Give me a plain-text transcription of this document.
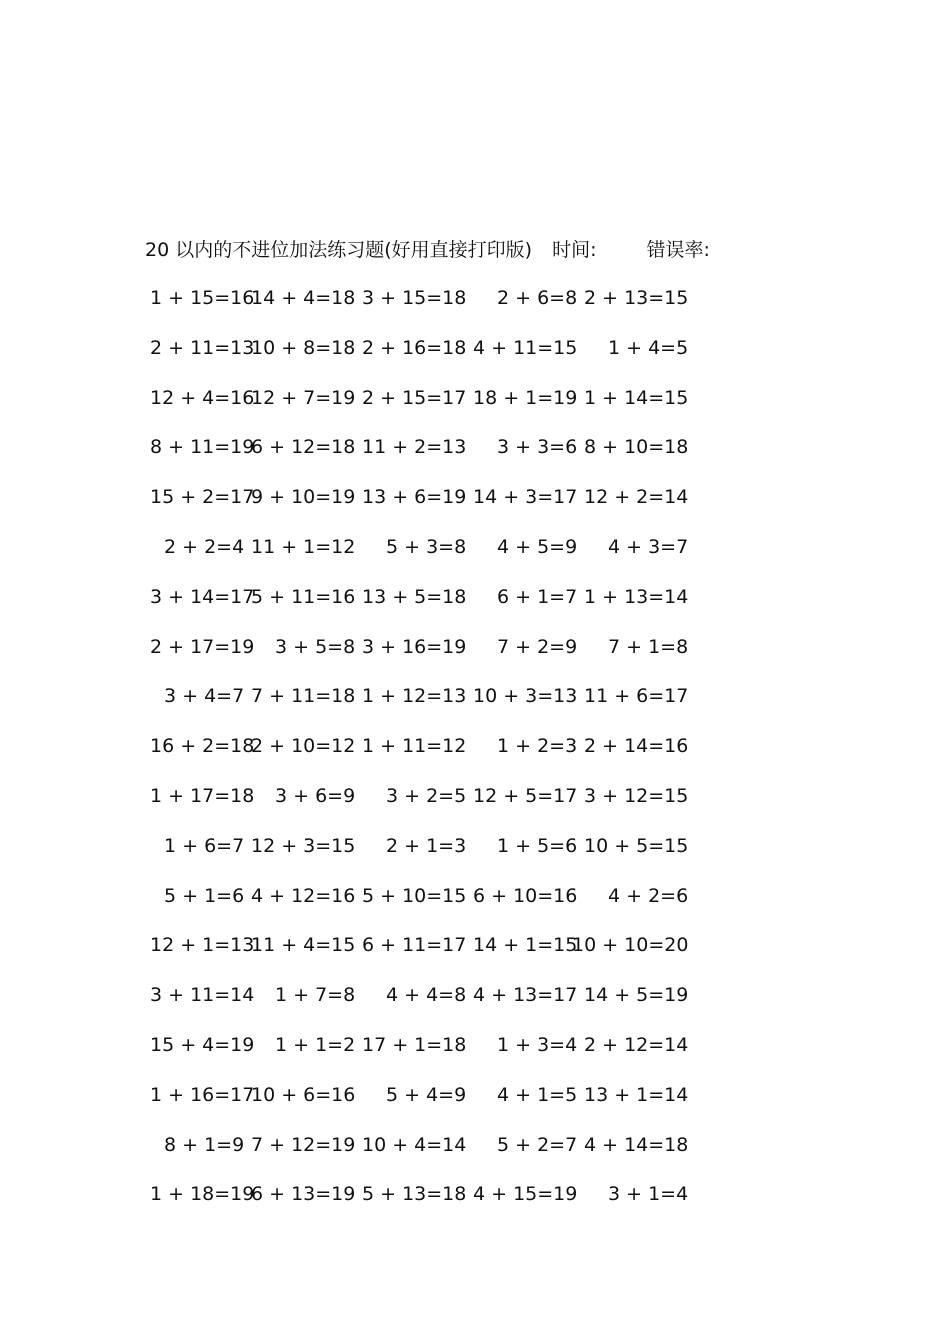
20 以内的不进位加法练习题(好用直接打印版) 时间:	错误率:
1 + 15=16
14 + 4=18 3 + 15=18 2 + 6=8 2 + 13=15
2 + 11=13
10 + 8=18 2 + 16=18 4 + 11=15 1 + 4=5
12 + 4=16
12 + 7=19 2 + 15=17 18 + 1=19 1 + 14=15
8 + 11=19
6 + 12=18 11 + 2=13 3 + 3=6 8 + 10=18
15 + 2=17
9 + 10=19 13 + 6=19 14 + 3=17 12 + 2=14
2 + 2=4 11 + 1=12 5 + 3=8 4 + 5=9 4 + 3=7
3 + 14=17
5 + 11=16 13 + 5=18 6 + 1=7 1 + 13=14
2 + 17=19 3 + 5=8 3 + 16=19 7 + 2=9 7 + 1=8
3 + 4=7 7 + 11=18 1 + 12=13 10 + 3=13 11 + 6=17
16 + 2=18
2 + 10=12 1 + 11=12 1 + 2=3 2 + 14=16
1 + 17=18 3 + 6=9 3 + 2=5 12 + 5=17 3 + 12=15
1 + 6=7 12 + 3=15 2 + 1=3 1 + 5=6 10 + 5=15
5 + 1=6 4 + 12=16 5 + 10=15 6 + 10=16 4 + 2=6
12 + 1=13
11 + 4=15 6 + 11=17 14 + 1=15
10 + 10=20
3 + 11=14 1 + 7=8 4 + 4=8 4 + 13=17 14 + 5=19
15 + 4=19 1 + 1=2 17 + 1=18 1 + 3=4 2 + 12=14
1 + 16=17
10 + 6=16 5 + 4=9 4 + 1=5 13 + 1=14
8 + 1=9 7 + 12=19 10 + 4=14 5 + 2=7 4 + 14=18
1 + 18=19
6 + 13=19 5 + 13=18 4 + 15=19 3 + 1=4
